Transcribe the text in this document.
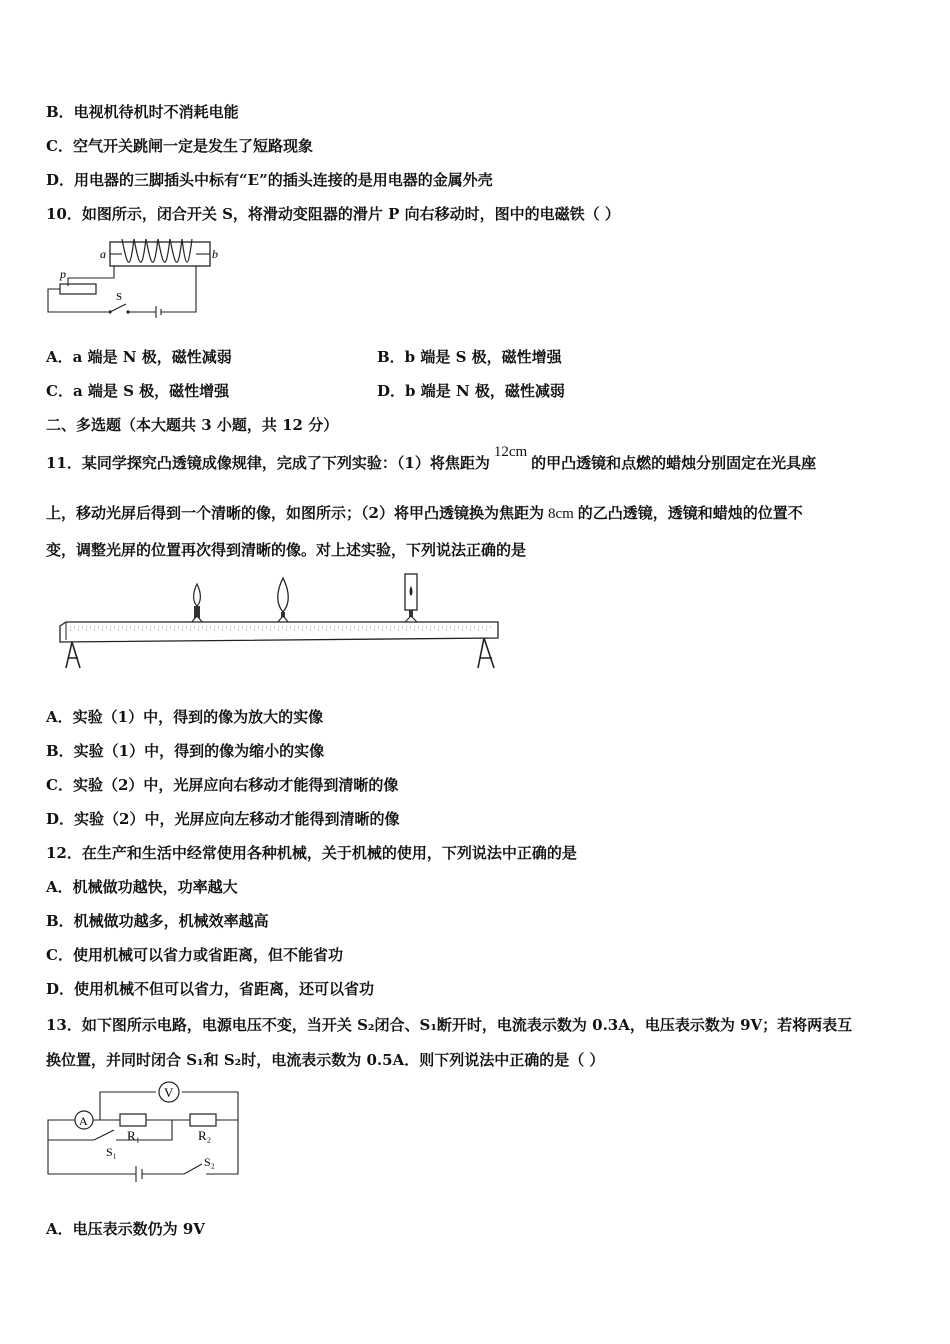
B．电视机待机时不消耗电能
C．空气开关跳闸一定是发生了短路现象
D．用电器的三脚插头中标有“E”的插头连接的是用电器的金属外壳
10．如图所示，闭合开关 S，将滑动变阻器的滑片 P 向右移动时，图中的电磁铁（ ）
a	b
p
S
A．a 端是 N 极，磁性减弱	B．b 端是 S 极，磁性增强
C．a 端是 S 极，磁性增强	D．b 端是 N 极，磁性减弱
二、多选题（本大题共 3 小题，共 12 分）
11．某同学探究凸透镜成像规律，完成了下列实验：（1）将焦距为12cm的甲凸透镜和点燃的蜡烛分别固定在光具座
上，移动光屏后得到一个清晰的像，如图所示；（2）将甲凸透镜换为焦距为 8cm 的乙凸透镜，透镜和蜡烛的位置不
变，调整光屏的位置再次得到清晰的像。对上述实验，下列说法正确的是
A．实验（1）中，得到的像为放大的实像
B．实验（1）中，得到的像为缩小的实像
C．实验（2）中，光屏应向右移动才能得到清晰的像
D．实验（2）中，光屏应向左移动才能得到清晰的像
12．在生产和生活中经常使用各种机械，关于机械的使用，下列说法中正确的是
A．机械做功越快，功率越大
B．机械做功越多，机械效率越高
C．使用机械可以省力或省距离，但不能省功
D．使用机械不但可以省力，省距离，还可以省功
13．如下图所示电路，电源电压不变，当开关 S₂闭合、S₁断开时，电流表示数为 0.3A，电压表示数为 9V；若将两表互
换位置，并同时闭合 S₁和 S₂时，电流表示数为 0.5A．则下列说法中正确的是（ ）
V
A
R₁	R₂
S₁
S₂
A．电压表示数仍为 9V
